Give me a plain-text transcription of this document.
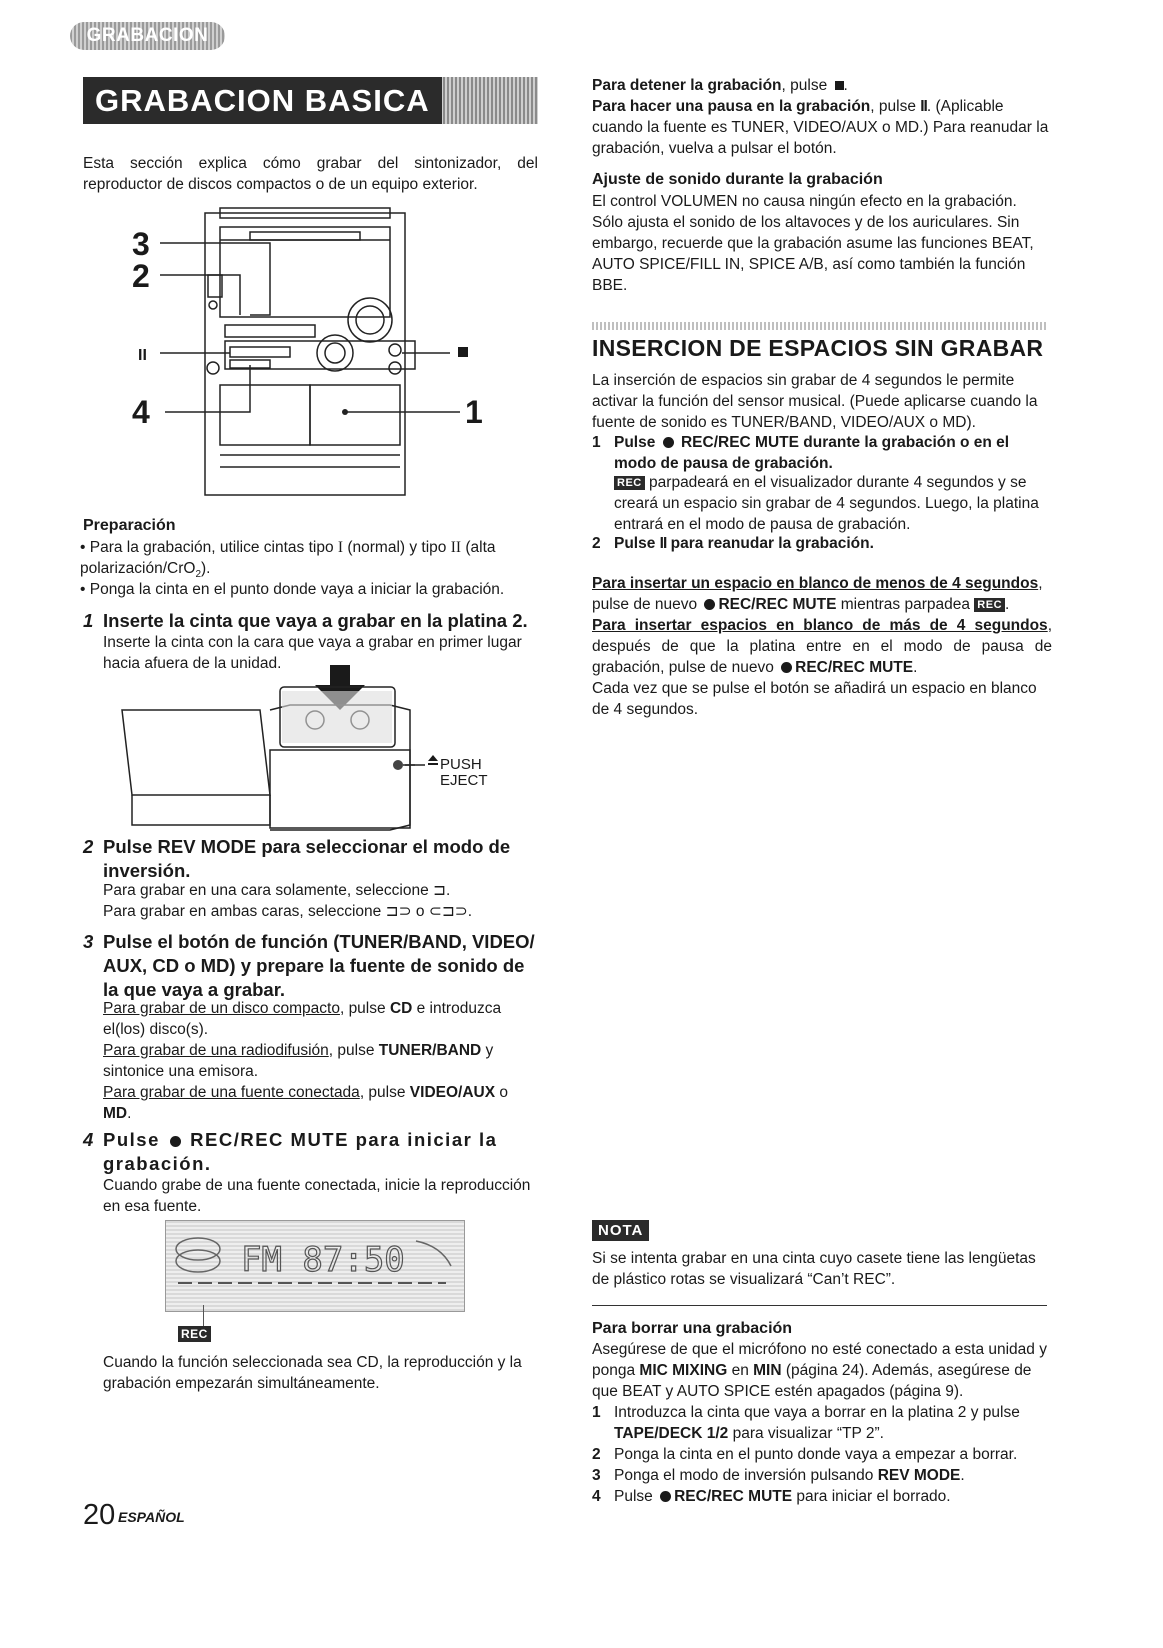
GRABACION
GRABACION BASICA

Esta sección explica cómo grabar del sintonizador, del reproductor de discos compactos o de un equipo exterior.

3
2
II
4	1
Preparación

• Para la grabación, utilice cintas tipo I (normal) y tipo II (alta polarización/CrO$_2$).

• Ponga la cinta en el punto donde vaya a iniciar la grabación.

1 Inserte la cinta que vaya a grabar en la platina 2.

Inserte la cinta con la cara que vaya a grabar en primer lugar hacia afuera de la unidad.

PUSH
EJECT
2 Pulse REV MODE para seleccionar el modo de inversión.

Para grabar en una cara solamente, seleccione ⊐.

Para grabar en ambas caras, seleccione ⊐⊃ o ⊂⊐⊃.

3 Pulse el botón de función (TUNER/BAND, VIDEO/ AUX, CD o MD) y prepare la fuente de sonido de la que vaya a grabar.

Para grabar de un disco compacto, pulse CD e introduzca el(los) disco(s).

Para grabar de una radiodifusión, pulse TUNER/BAND y sintonice una emisora.

Para grabar de una fuente conectada, pulse VIDEO/AUX o MD.

4 Pulse  REC/REC MUTE para iniciar la grabación.

Cuando grabe de una fuente conectada, inicie la reproducción en esa fuente.

FM 87:50
REC

Cuando la función seleccionada sea CD, la reproducción y la grabación empezarán simultáneamente.

20 ESPAÑOL

Para detener la grabación, pulse .

Para hacer una pausa en la grabación, pulse II. (Aplicable cuando la fuente es TUNER, VIDEO/AUX o MD.) Para reanudar la grabación, vuelva a pulsar el botón.

Ajuste de sonido durante la grabación

El control VOLUMEN no causa ningún efecto en la grabación. Sólo ajusta el sonido de los altavoces y de los auriculares. Sin embargo, recuerde que la grabación asume las funciones BEAT, AUTO SPICE/FILL IN, SPICE A/B, así como también la función BBE.

INSERCION DE ESPACIOS SIN GRABAR

La inserción de espacios sin grabar de 4 segundos le permite activar la función del sensor musical. (Puede aplicarse cuando la fuente de sonido es TUNER/BAND, VIDEO/AUX o MD).

1 Pulse  REC/REC MUTE durante la grabación o en el modo de pausa de grabación.

REC parpadeará en el visualizador durante 4 segundos y se creará un espacio sin grabar de 4 segundos. Luego, la platina entrará en el modo de pausa de grabación.

2 Pulse II para reanudar la grabación.

Para insertar un espacio en blanco de menos de 4 segundos, pulse de nuevo REC/REC MUTE mientras parpadea REC .

Para insertar espacios en blanco de más de 4 segundos, después de que la platina entre en el modo de pausa de grabación, pulse de nuevo REC/REC MUTE.

Cada vez que se pulse el botón se añadirá un espacio en blanco de 4 segundos.

NOTA

Si se intenta grabar en una cinta cuyo casete tiene las lengüetas de plástico rotas se visualizará “Can’t REC”.

Para borrar una grabación

Asegúrese de que el micrófono no esté conectado a esta unidad y ponga MIC MIXING en MIN (página 24). Además, asegúrese de que BEAT y AUTO SPICE estén apagados (página 9).

1 Introduzca la cinta que vaya a borrar en la platina 2 y pulse TAPE/DECK 1/2 para visualizar “TP 2”.
2 Ponga la cinta en el punto donde vaya a empezar a borrar.
3 Ponga el modo de inversión pulsando REV MODE.
4 Pulse REC/REC MUTE para iniciar el borrado.
